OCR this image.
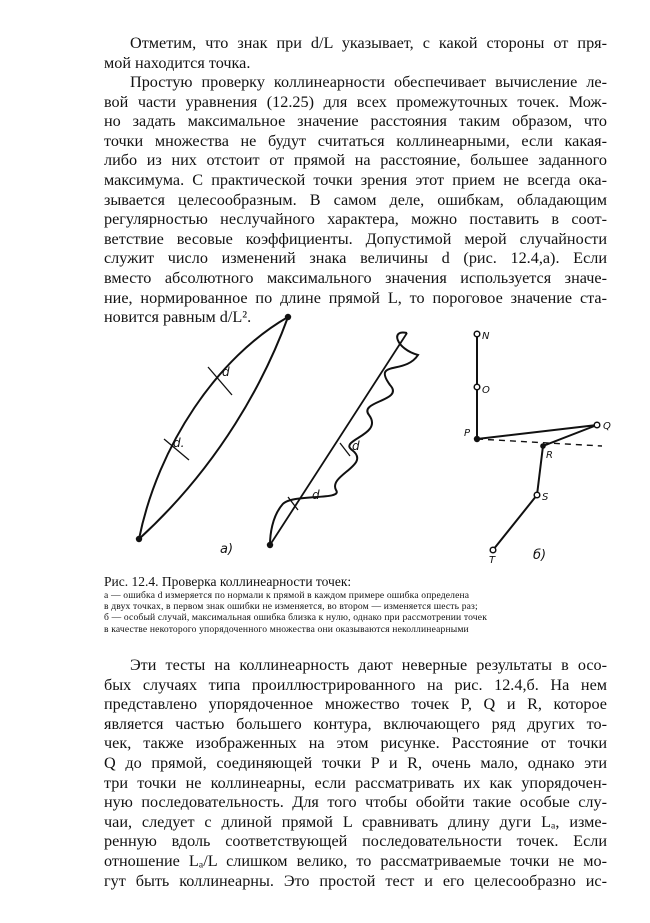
Отметим, что знак при d/L указывает, с какой стороны от пря-
мой находится точка.
Простую проверку коллинеарности обеспечивает вычисление ле-
вой части уравнения (12.25) для всех промежуточных точек. Мож-
но задать максимальное значение расстояния таким образом, что
точки множества не будут считаться коллинеарными, если какая-
либо из них отстоит от прямой на расстояние, большее заданного
максимума. С практической точки зрения этот прием не всегда ока-
зывается целесообразным. В самом деле, ошибкам, обладающим
регулярностью неслучайного характера, можно поставить в соот-
ветствие весовые коэффициенты. Допустимой мерой случайности
служит число изменений знака величины d (рис. 12.4,a). Если
вместо абсолютного максимального значения используется значе-
ние, нормированное по длине прямой L, то пороговое значение ста-
новится равным d/L².
d
d.	d
d
а)	б)
N
O
P
Q
R
S
T
Рис. 12.4. Проверка коллинеарности точек:
а — ошибка d измеряется по нормали к прямой в каждом примере ошибка определена
в двух точках, в первом знак ошибки не изменяется, во втором — изменяется шесть раз;
б — особый случай, максимальная ошибка близка к нулю, однако при рассмотрении точек
в качестве некоторого упорядоченного множества они оказываются неколлинеарными
Эти тесты на коллинеарность дают неверные результаты в осо-
бых случаях типа проиллюстрированного на рис. 12.4,б. На нем
представлено упорядоченное множество точек P, Q и R, которое
является частью большего контура, включающего ряд других то-
чек, также изображенных на этом рисунке. Расстояние от точки
Q до прямой, соединяющей точки P и R, очень мало, однако эти
три точки не коллинеарны, если рассматривать их как упорядочен-
ную последовательность. Для того чтобы обойти такие особые слу-
чаи, следует с длиной прямой L сравнивать длину дуги Lₐ, изме-
ренную вдоль соответствующей последовательности точек. Если
отношение Lₐ/L слишком велико, то рассматриваемые точки не мо-
гут быть коллинеарны. Это простой тест и его целесообразно ис-
